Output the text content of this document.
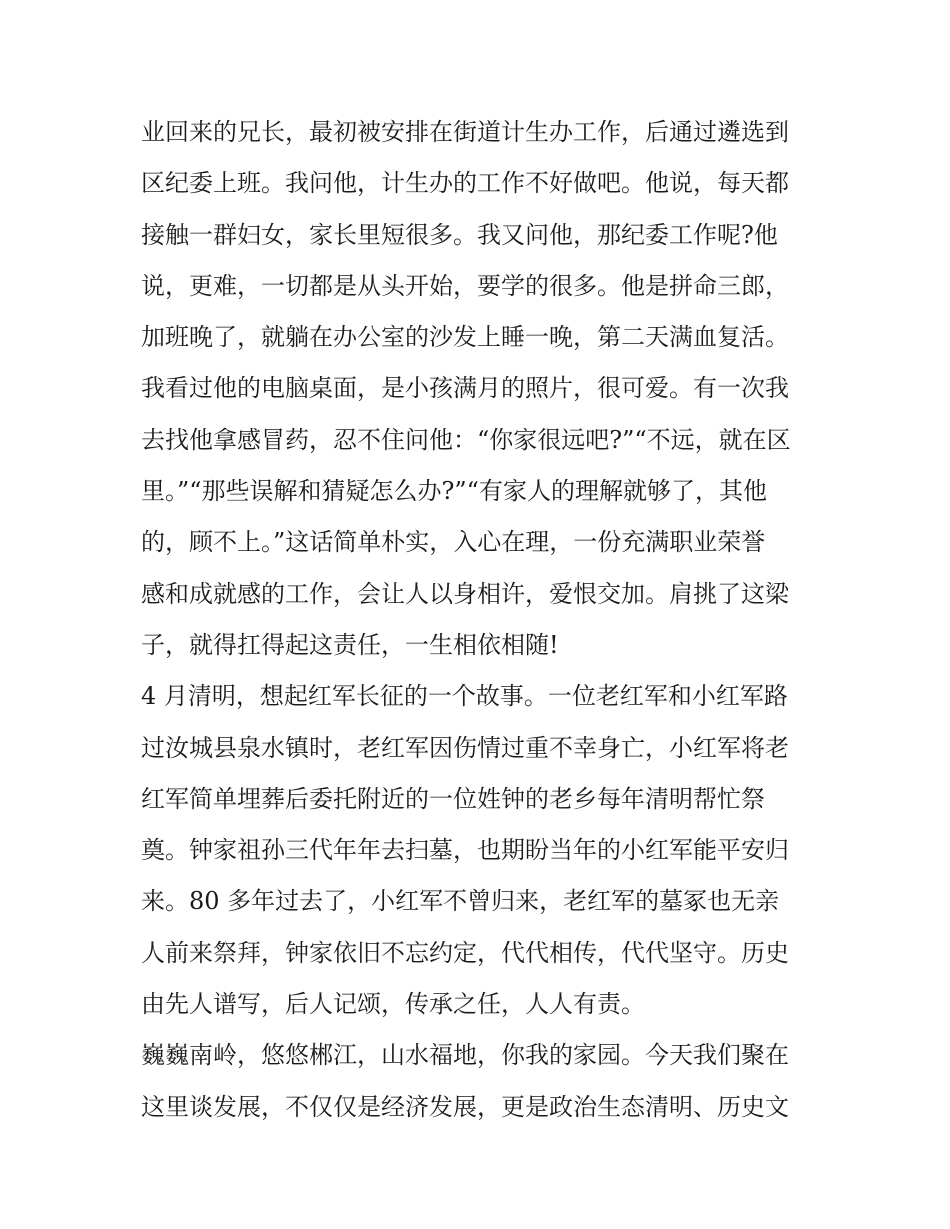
业回来的兄长，最初被安排在街道计生办工作，后通过遴选到
区纪委上班。我问他，计生办的工作不好做吧。他说，每天都
接触一群妇女，家长里短很多。我又问他，那纪委工作呢?他
说，更难，一切都是从头开始，要学的很多。他是拼命三郎，
加班晚了，就躺在办公室的沙发上睡一晚，第二天满血复活。
我看过他的电脑桌面，是小孩满月的照片，很可爱。有一次我
去找他拿感冒药，忍不住问他：“你家很远吧?”“不远，就在区
里。”“那些误解和猜疑怎么办?”“有家人的理解就够了，其他
的，顾不上。”这话简单朴实，入心在理，一份充满职业荣誉
感和成就感的工作，会让人以身相许，爱恨交加。肩挑了这梁
子，就得扛得起这责任，一生相依相随!
4 月清明，想起红军长征的一个故事。一位老红军和小红军路
过汝城县泉水镇时，老红军因伤情过重不幸身亡，小红军将老
红军简单埋葬后委托附近的一位姓钟的老乡每年清明帮忙祭
奠。钟家祖孙三代年年去扫墓，也期盼当年的小红军能平安归
来。80 多年过去了，小红军不曾归来，老红军的墓冢也无亲
人前来祭拜，钟家依旧不忘约定，代代相传，代代坚守。历史
由先人谱写，后人记颂，传承之任，人人有责。
巍巍南岭，悠悠郴江，山水福地，你我的家园。今天我们聚在
这里谈发展，不仅仅是经济发展，更是政治生态清明、历史文
